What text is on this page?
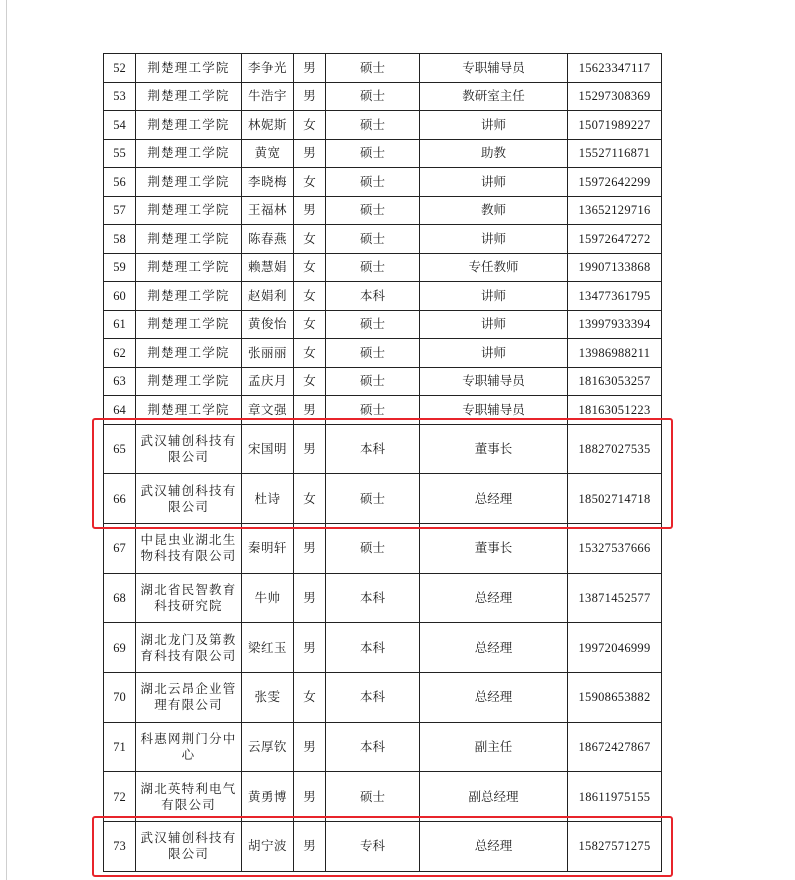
52	荆楚理工学院	李争光	男	硕士	专职辅导员	15623347117
53	荆楚理工学院	牛浩宇	男	硕士	教研室主任	15297308369
54	荆楚理工学院	林妮斯	女	硕士	讲师	15071989227
55	荆楚理工学院	黄宽	男	硕士	助教	15527116871
56	荆楚理工学院	李晓梅	女	硕士	讲师	15972642299
57	荆楚理工学院	王福林	男	硕士	教师	13652129716
58	荆楚理工学院	陈春燕	女	硕士	讲师	15972647272
59	荆楚理工学院	赖慧娟	女	硕士	专任教师	19907133868
60	荆楚理工学院	赵娟利	女	本科	讲师	13477361795
61	荆楚理工学院	黄俊怡	女	硕士	讲师	13997933394
62	荆楚理工学院	张丽丽	女	硕士	讲师	13986988211
63	荆楚理工学院	孟庆月	女	硕士	专职辅导员	18163053257
64	荆楚理工学院	章文强	男	硕士	专职辅导员	18163051223
65	武汉辅创科技有限公司	宋国明	男	本科	董事长	18827027535
66	武汉辅创科技有限公司	杜诗	女	硕士	总经理	18502714718
67	中昆虫业湖北生物科技有限公司	秦明轩	男	硕士	董事长	15327537666
68	湖北省民智教育科技研究院	牛帅	男	本科	总经理	13871452577
69	湖北龙门及第教育科技有限公司	梁红玉	男	本科	总经理	19972046999
70	湖北云昂企业管理有限公司	张雯	女	本科	总经理	15908653882
71	科惠网荆门分中心	云厚钦	男	本科	副主任	18672427867
72	湖北英特利电气有限公司	黄勇博	男	硕士	副总经理	18611975155
73	武汉辅创科技有限公司	胡宁波	男	专科	总经理	15827571275
